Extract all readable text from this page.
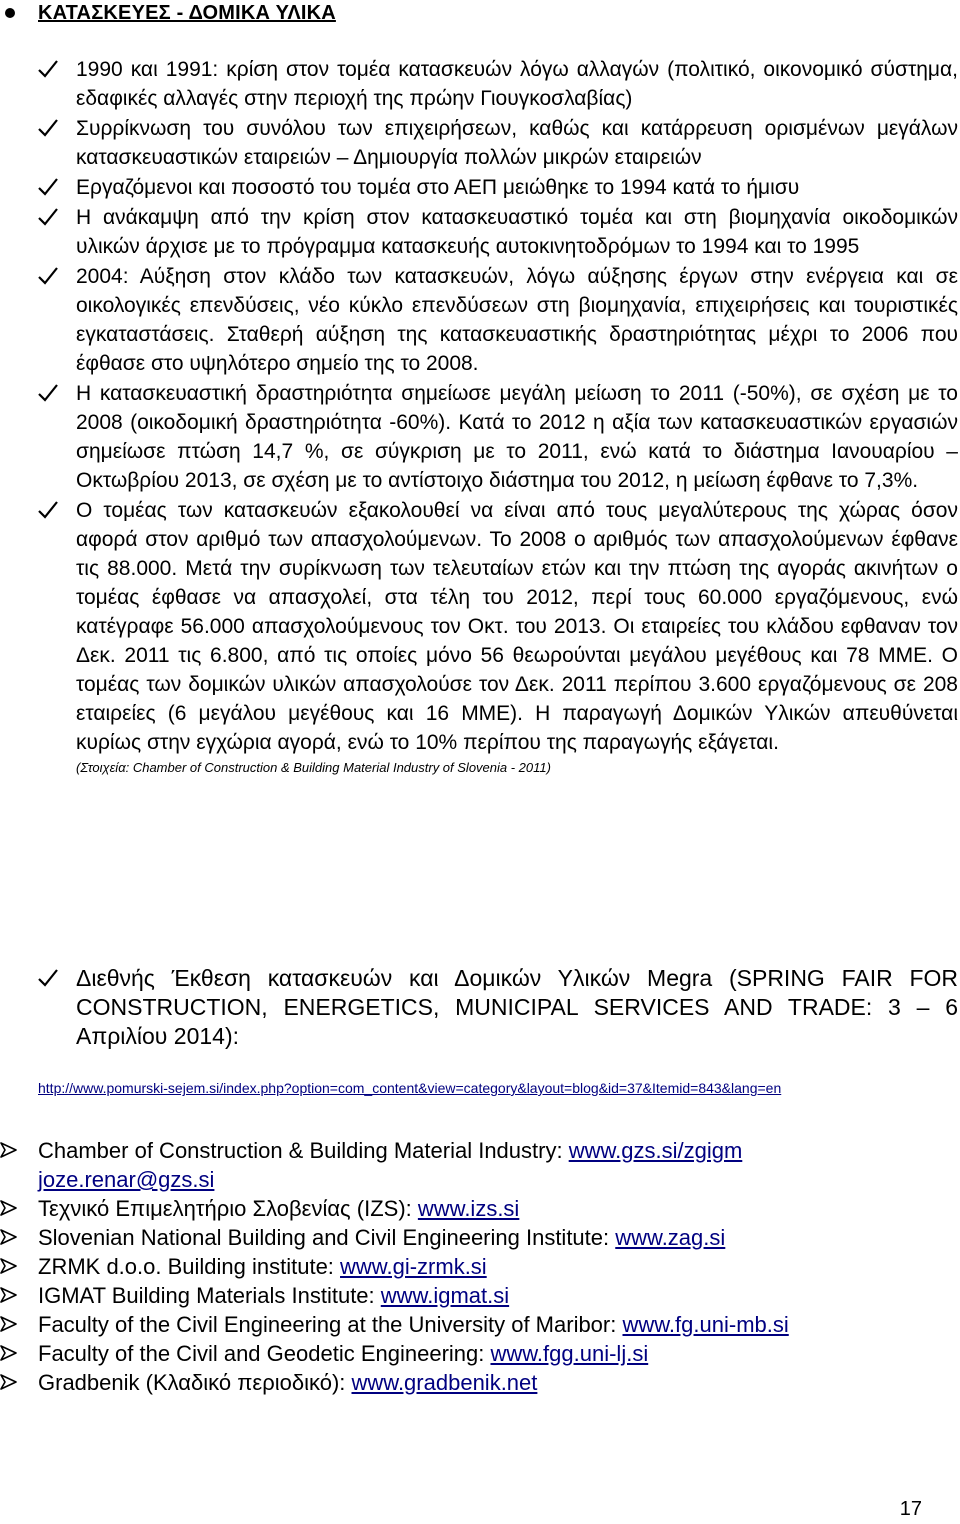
ΚΑΤΑΣΚΕΥΕΣ - ΔΟΜΙΚΑ ΥΛΙΚΑ
1990 και 1991: κρίση στον τομέα κατασκευών λόγω αλλαγών (πολιτικό, οικονομικό σύστημα, εδαφικές αλλαγές στην περιοχή της πρώην Γιουγκοσλαβίας)
Συρρίκνωση του συνόλου των επιχειρήσεων, καθώς και κατάρρευση ορισμένων μεγάλων κατασκευαστικών εταιρειών – Δημιουργία πολλών μικρών εταιρειών
Εργαζόμενοι και ποσοστό του τομέα στο ΑΕΠ μειώθηκε το 1994 κατά το ήμισυ
Η ανάκαμψη από την κρίση στον κατασκευαστικό τομέα και στη βιομηχανία οικοδομικών υλικών άρχισε με το πρόγραμμα κατασκευής αυτοκινητοδρόμων το 1994 και το 1995
2004: Αύξηση στον κλάδο των κατασκευών, λόγω αύξησης έργων στην ενέργεια και σε οικολογικές επενδύσεις, νέο κύκλο επενδύσεων στη βιομηχανία, επιχειρήσεις και τουριστικές εγκαταστάσεις. Σταθερή αύξηση της κατασκευαστικής δραστηριότητας μέχρι το 2006 που έφθασε στο υψηλότερο σημείο της το 2008.
Η κατασκευαστική δραστηριότητα σημείωσε μεγάλη μείωση το 2011 (-50%), σε σχέση με το 2008 (οικοδομική δραστηριότητα -60%). Κατά το 2012 η αξία των κατασκευαστικών εργασιών σημείωσε πτώση 14,7 %, σε σύγκριση με το 2011, ενώ κατά το διάστημα Ιανουαρίου – Οκτωβρίου 2013, σε σχέση με το αντίστοιχο διάστημα του 2012, η μείωση έφθανε το 7,3%.
Ο τομέας των κατασκευών εξακολουθεί να είναι από τους μεγαλύτερους της χώρας όσον αφορά στον αριθμό των απασχολούμενων. Το 2008 ο αριθμός των απασχολούμενων έφθανε τις 88.000. Μετά την συρίκνωση των τελευταίων ετών και την πτώση της αγοράς ακινήτων ο τομέας έφθασε να απασχολεί, στα τέλη του 2012, περί τους 60.000 εργαζόμενους, ενώ κατέγραφε 56.000 απασχολούμενους τον Οκτ. του 2013. Οι εταιρείες του κλάδου εφθαναν τον Δεκ. 2011 τις 6.800, από τις οποίες μόνο 56 θεωρούνται μεγάλου μεγέθους και 78 ΜΜΕ. Ο τομέας των δομικών υλικών απασχολούσε τον Δεκ. 2011 περίπου 3.600 εργαζόμενους σε 208 εταιρείες (6 μεγάλου μεγέθους και 16 ΜΜΕ). Η παραγωγή Δομικών Υλικών απευθύνεται κυρίως στην εγχώρια αγορά, ενώ το 10% περίπου της παραγωγής εξάγεται.
(Στοιχεία: Chamber of Construction & Building Material Industry of Slovenia - 2011)
Διεθνής Έκθεση κατασκευών και Δομικών Υλικών Megra (SPRING FAIR FOR CONSTRUCTION, ENERGETICS, MUNICIPAL SERVICES AND TRADE: 3 – 6 Απριλίου 2014):
http://www.pomurski-sejem.si/index.php?option=com_content&view=category&layout=blog&id=37&Itemid=843&lang=en
Chamber of Construction & Building Material Industry: www.gzs.si/zgigm
joze.renar@gzs.si
Τεχνικό Επιμελητήριο Σλοβενίας (IZS): www.izs.si
Slovenian National Building and Civil Engineering Institute: www.zag.si
ZRMK d.o.o. Building institute: www.gi-zrmk.si
IGMAT Building Materials Institute: www.igmat.si
Faculty of the Civil Engineering at the University of Maribor: www.fg.uni-mb.si
Faculty of the Civil and Geodetic Engineering: www.fgg.uni-lj.si
Gradbenik (Κλαδικό περιοδικό): www.gradbenik.net
17
